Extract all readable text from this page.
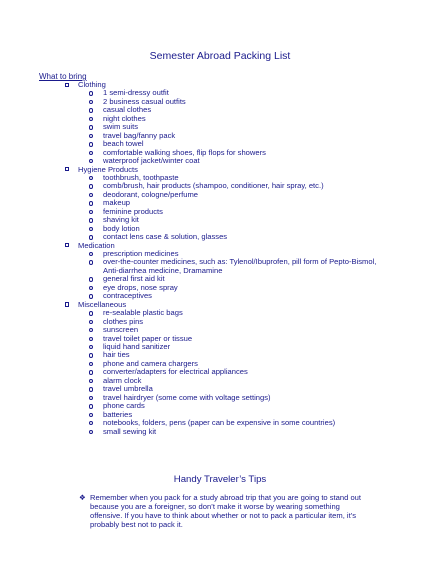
Semester Abroad Packing List
What to bring
Clothing
1 semi-dressy outfit
2 business casual outfits
casual clothes
night clothes
swim suits
travel bag/fanny pack
beach towel
comfortable walking shoes, flip flops for showers
waterproof jacket/winter coat
Hygiene Products
toothbrush, toothpaste
comb/brush, hair products (shampoo, conditioner, hair spray, etc.)
deodorant, cologne/perfume
makeup
feminine products
shaving kit
body lotion
contact lens case & solution, glasses
Medication
prescription medicines
over-the-counter medicines, such as: Tylenol/Ibuprofen, pill form of Pepto-Bismol,
Anti-diarrhea medicine, Dramamine
general first aid kit
eye drops, nose spray
contraceptives
Miscellaneous
re-sealable plastic bags
clothes pins
sunscreen
travel toilet paper or tissue
liquid hand sanitizer
hair ties
phone and camera chargers
converter/adapters for electrical appliances
alarm clock
travel umbrella
travel hairdryer (some come with voltage settings)
phone cards
batteries
notebooks, folders, pens (paper can be expensive in some countries)
small sewing kit
Handy Traveler’s Tips
❖ Remember when you pack for a study abroad trip that you are going to stand out
because you are a foreigner, so don’t make it worse by wearing something
offensive. If you have to think about whether or not to pack a particular item, it’s
probably best not to pack it.
